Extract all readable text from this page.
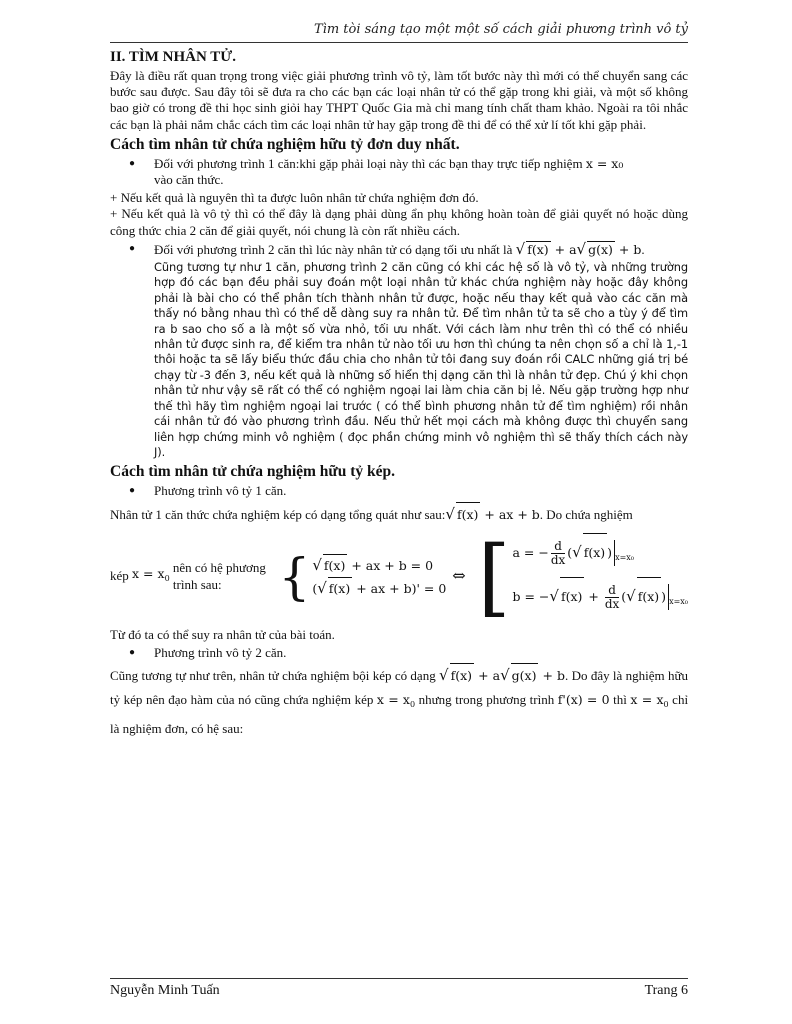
Tìm tòi sáng tạo một một số cách giải phương trình vô tỷ
II. TÌM NHÂN TỬ.

Đây là điều rất quan trọng trong việc giải phương trình vô tỷ, làm tốt bước này thì mới có thể chuyển sang các bước sau được. Sau đây tôi sẽ đưa ra cho các bạn các loại nhân tử có thể gặp trong khi giải, và một số không bao giờ có trong đề thi học sinh giỏi hay THPT Quốc Gia mà chỉ mang tính chất tham khảo. Ngoài ra tôi nhắc các bạn là phải nắm chắc cách tìm các loại nhân tử hay gặp trong đề thi để có thể xử lí tốt khi gặp phải.

Cách tìm nhân tử chứa nghiệm hữu tỷ đơn duy nhất.
●	Đối với phương trình 1 căn:khi gặp phải loại này thì các bạn thay trực tiếp nghiệm x = x₀
vào căn thức.

+ Nếu kết quả là nguyên thì ta được luôn nhân tử chứa nghiệm đơn đó.

+ Nếu kết quả là vô tỷ thì có thể đây là dạng phải dùng ẩn phụ không hoàn toàn để giải quyết nó hoặc dùng công thức chia 2 căn để giải quyết, nói chung là còn rất nhiều cách.

●	Đối với phương trình 2 căn thì lúc này nhân tử có dạng tối ưu nhất là √ f(x) + a√ g(x) + b.

Cũng tương tự như 1 căn, phương trình 2 căn cũng có khi các hệ số là vô tỷ, và những trường hợp đó các bạn đều phải suy đoán một loại nhân tử khác chứa nghiệm này hoặc đây không phải là bài cho có thể phân tích thành nhân tử được, hoặc nếu thay kết quả vào các căn mà thấy nó bằng nhau thì có thể dễ dàng suy ra nhân tử. Để tìm nhân tử ta sẽ cho a tùy ý để tìm ra b sao cho số a là một số vừa nhỏ, tối ưu nhất. Với cách làm như trên thì có thể có nhiều nhân tử được sinh ra, để kiểm tra nhân tử nào tối ưu hơn thì chúng ta nên chọn số a chỉ là 1,-1 thôi hoặc ta sẽ lấy biểu thức đầu chia cho nhân tử tôi đang suy đoán rồi CALC những giá trị bé chạy từ -3 đến 3, nếu kết quả là những số hiển thị dạng căn thì là nhân tử đẹp. Chú ý khi chọn nhân tử như vậy sẽ rất có thể có nghiệm ngoại lai làm chia căn bị lẻ. Nếu gặp trường hợp như thế thì hãy tìm nghiệm ngoại lai trước ( có thể bình phương nhân tử để tìm nghiệm) rồi nhân cái nhân tử đó vào phương trình đầu. Nếu thử hết mọi cách mà không được thì chuyển sang liên hợp chứng minh vô nghiệm ( đọc phần chứng minh vô nghiệm thì sẽ thấy thích cách này J).

Cách tìm nhân tử chứa nghiệm hữu tỷ kép.
●	Phương trình vô tỷ 1 căn.

Nhân tử 1 căn thức chứa nghiệm kép có dạng tổng quát như sau:√ f(x) + ax + b. Do chứa nghiệm

kép
$x = x_0$

nên có hệ phương trình sau:	{ √ f(x) + ax + b = 0
(√ f(x) + ax + b)' = 0
⇔ [ a = − $\frac{d}{dx}$ (√ f(x) ) $_{x=x_0}$
b = −√ $f(x) + \frac{d}{dx}$ (√ f(x) ) $_{x=x_0}$

Từ đó ta có thể suy ra nhân tử của bài toán.

●	Phương trình vô tỷ 2 căn.

Cũng tương tự như trên, nhân tử chứa nghiệm bội kép có dạng √ f(x) + a√ g(x) + b. Do đây là nghiệm hữu tỷ kép nên đạo hàm của nó cũng chứa nghiệm kép $x = x_0$ nhưng trong phương trình f'(x) = 0 thì $x = x_0$ chỉ là nghiệm đơn, có hệ sau:

Nguyễn Minh Tuấn	Trang 6
